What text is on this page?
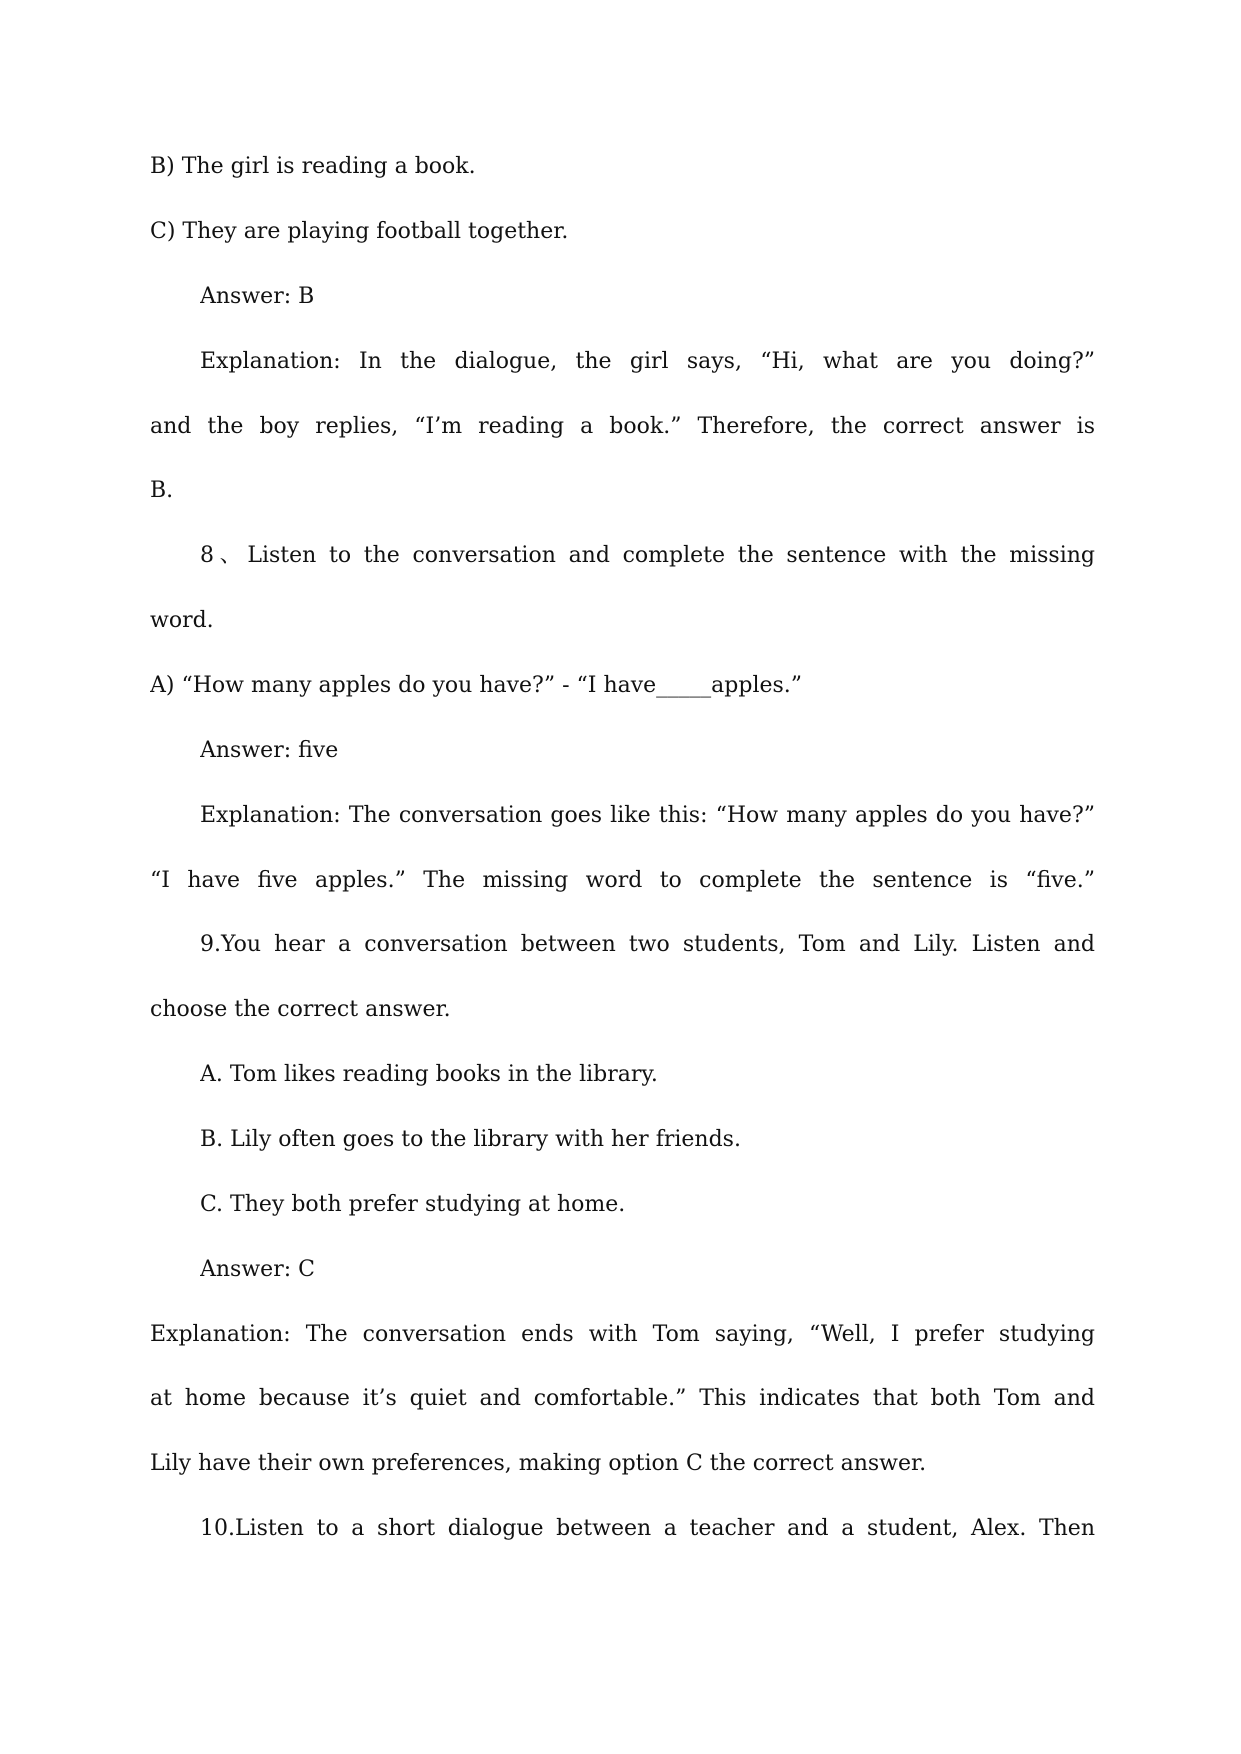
B) The girl is reading a book.
C) They are playing football together.
Answer: B
Explanation: In the dialogue, the girl says, “Hi, what are you doing?”
and the boy replies, “I’m reading a book.” Therefore, the correct answer is
B.
8、Listen to the conversation and complete the sentence with the missing
word.
A) “How many apples do you have?” - “I have_____apples.”
Answer: five
Explanation: The conversation goes like this: “How many apples do you have?”
“I have five apples.” The missing word to complete the sentence is “five.”
9.You hear a conversation between two students, Tom and Lily. Listen and
choose the correct answer.
A. Tom likes reading books in the library.
B. Lily often goes to the library with her friends.
C. They both prefer studying at home.
Answer: C
Explanation: The conversation ends with Tom saying, “Well, I prefer studying
at home because it’s quiet and comfortable.” This indicates that both Tom and
Lily have their own preferences, making option C the correct answer.
10.Listen to a short dialogue between a teacher and a student, Alex. Then
